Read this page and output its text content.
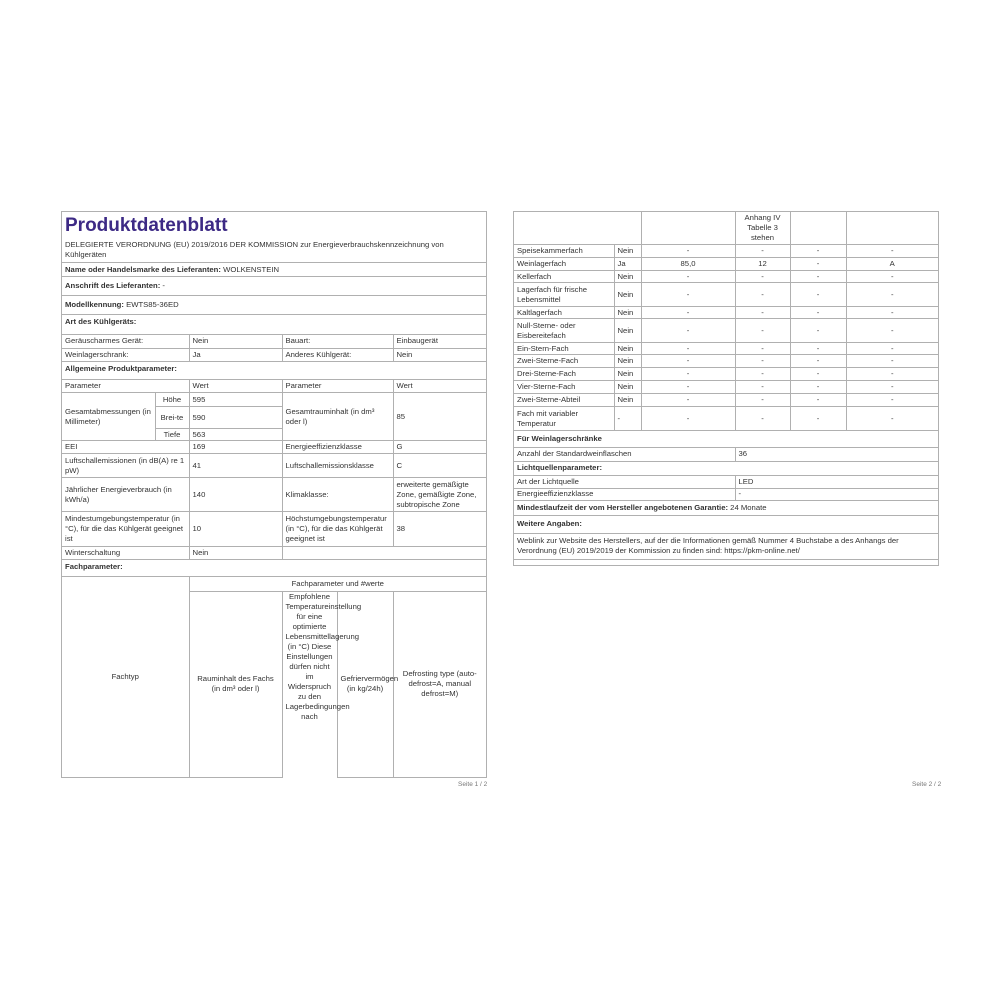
Produktdatenblatt
DELEGIERTE VERORDNUNG (EU) 2019/2016 DER KOMMISSION zur Energieverbrauchskennzeichnung von Kühlgeräten
Name oder Handelsmarke des Lieferanten: WOLKENSTEIN
Anschrift des Lieferanten: -
Modellkennung: EWTS85-36ED
Art des Kühlgeräts:
Geräuscharmes Gerät:	Nein	Bauart:	Einbaugerät
Weinlagerschrank:	Ja	Anderes Kühlgerät:	Nein
Allgemeine Produktparameter:
Parameter		Wert	Parameter	Wert
Gesamtabmessungen (in Millimeter)	Höhe	595	Gesamtrauminhalt (in dm³ oder l)	85
	Brei-te	590		
	Tiefe	563		
EEI		169	Energieeffizienzklasse	G
Luftschallemissionen (in dB(A) re 1 pW)		41	Luftschallemissionsklasse	C
Jährlicher Energieverbrauch (in kWh/a)		140	Klimaklasse:	erweiterte gemäßigte Zone, gemäßigte Zone, subtropische Zone
Mindestumgebungstemperatur (in °C), für die das Kühlgerät geeignet ist		10	Höchstumgebungstemperatur (in °C), für die das Kühlgerät geeignet ist	38
Winterschaltung		Nein		
Fachparameter:
Fachtyp	Fachparameter und #werte			
	Rauminhalt des Fachs (in dm³ oder l)	Empfohlene Temperatureinstellung für eine optimierte Lebensmittellagerung (in °C) Diese Einstellungen dürfen nicht im Widerspruch zu den Lagerbedingungen nach	Gefriervermögen (in kg/24h)	Defrosting type (auto-defrost=A, manual defrost=M)
Seite 1 / 2
		Anhang IV Tabelle 3 stehen		
Speisekammerfach	Nein	-	-	-	-
Weinlagerfach	Ja	85,0	12	-	A
Kellerfach	Nein	-	-	-	-
Lagerfach für frische Lebensmittel	Nein	-	-	-	-
Kaltlagerfach	Nein	-	-	-	-
Null-Sterne- oder Eisbereitefach	Nein	-	-	-	-
Ein-Stern-Fach	Nein	-	-	-	-
Zwei-Sterne-Fach	Nein	-	-	-	-
Drei-Sterne-Fach	Nein	-	-	-	-
Vier-Sterne-Fach	Nein	-	-	-	-
Zwei-Sterne-Abteil	Nein	-	-	-	-
Fach mit variabler Temperatur	-	-	-	-	-
Für Weinlagerschränke	
Anzahl der Standardweinflaschen	36
Lichtquellenparameter:	
Art der Lichtquelle	LED
Energieeffizienzklasse	-
Mindestlaufzeit der vom Hersteller angebotenen Garantie: 24 Monate	
Weitere Angaben:	
Weblink zur Website des Herstellers, auf der die Informationen gemäß Nummer 4 Buchstabe a des Anhangs der Verordnung (EU) 2019/2019 der Kommission zu finden sind: https://pkm-online.net/	
Seite 2 / 2
